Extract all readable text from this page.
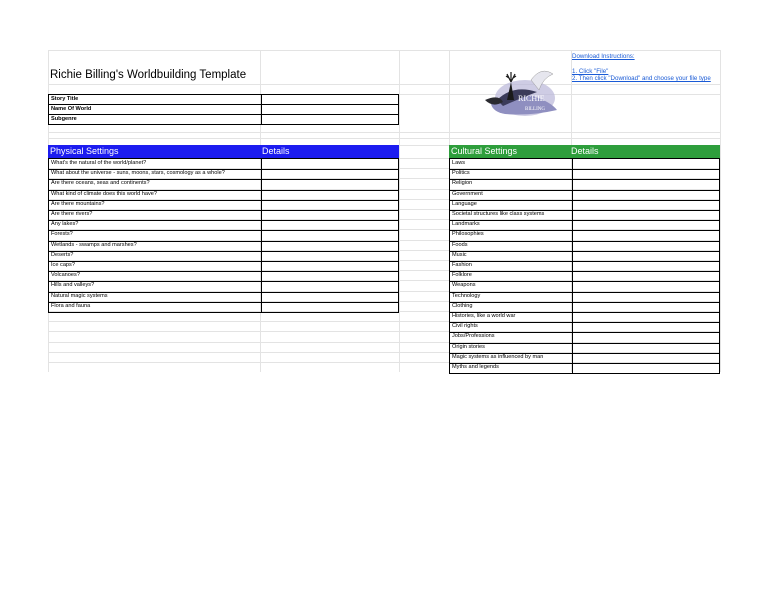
Richie Billing's Worldbuilding Template
Download Instructions:
1. Click "File"
2. Then click "Download" and choose your file type
Story Title
Name Of World
Subgenre
RICHIE
BILLING
Physical Settings	Details
What's the natural of the world/planet?
What about the universe - suns, moons, stars, cosmology as a whole?
Are there oceans, seas and continents?
What kind of climate does this world have?
Are there mountains?
Are there rivers?
Any lakes?
Forests?
Wetlands - swamps and marshes?
Deserts?
Ice caps?
Volcanoes?
Hills and valleys?
Natural magic systems
Flora and fauna
Cultural Settings	Details
Laws
Politics
Religion
Government
Language
Societal structures like class systems
Landmarks
Philosophies
Foods
Music
Fashion
Folklore
Weapons
Technology
Clothing
Histories, like a world war
Civil rights
Jobs/Professions
Origin stories
Magic systems as influenced by man
Myths and legends
